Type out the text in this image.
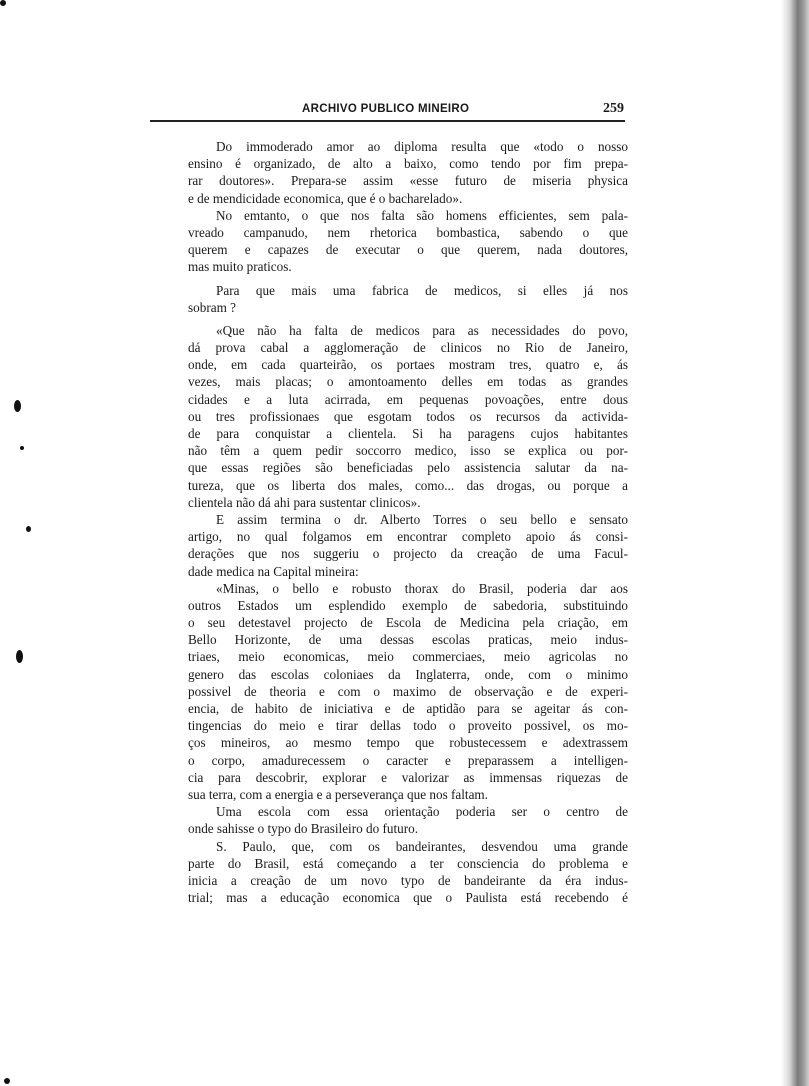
ARCHIVO PUBLICO MINEIRO	259
Do immoderado amor ao diploma resulta que «todo o nosso
ensino é organizado, de alto a baixo, como tendo por fim prepa-
rar doutores». Prepara-se assim «esse futuro de miseria physica
e de mendicidade economica, que é o bacharelado».
No emtanto, o que nos falta são homens efficientes, sem pala-
vreado campanudo, nem rhetorica bombastica, sabendo o que
querem e capazes de executar o que querem, nada doutores,
mas muito praticos.
Para que mais uma fabrica de medicos, si elles já nos
sobram ?
«Que não ha falta de medicos para as necessidades do povo,
dá prova cabal a agglomeração de clinicos no Rio de Janeiro,
onde, em cada quarteirão, os portaes mostram tres, quatro e, ás
vezes, mais placas; o amontoamento delles em todas as grandes
cidades e a luta acirrada, em pequenas povoações, entre dous
ou tres profissionaes que esgotam todos os recursos da activida-
de para conquistar a clientela. Si ha paragens cujos habitantes
não têm a quem pedir soccorro medico, isso se explica ou por-
que essas regiões são beneficiadas pelo assistencia salutar da na-
tureza, que os liberta dos males, como... das drogas, ou porque a
clientela não dá ahi para sustentar clinicos».
E assim termina o dr. Alberto Torres o seu bello e sensato
artigo, no qual folgamos em encontrar completo apoio ás consi-
derações que nos suggeriu o projecto da creação de uma Facul-
dade medica na Capital mineira:
«Minas, o bello e robusto thorax do Brasil, poderia dar aos
outros Estados um esplendido exemplo de sabedoria, substituindo
o seu detestavel projecto de Escola de Medicina pela criação, em
Bello Horizonte, de uma dessas escolas praticas, meio indus-
triaes, meio economicas, meio commerciaes, meio agricolas no
genero das escolas coloniaes da Inglaterra, onde, com o minimo
possivel de theoria e com o maximo de observação e de experi-
encia, de habito de iniciativa e de aptidão para se ageitar ás con-
tingencias do meio e tirar dellas todo o proveito possivel, os mo-
ços mineiros, ao mesmo tempo que robustecessem e adextrassem
o corpo, amadurecessem o caracter e preparassem a intelligen-
cia para descobrir, explorar e valorizar as immensas riquezas de
sua terra, com a energia e a perseverança que nos faltam.
Uma escola com essa orientação poderia ser o centro de
onde sahisse o typo do Brasileiro do futuro.
S. Paulo, que, com os bandeirantes, desvendou uma grande
parte do Brasil, está começando a ter consciencia do problema e
inicia a creação de um novo typo de bandeirante da éra indus-
trial; mas a educação economica que o Paulista está recebendo é
